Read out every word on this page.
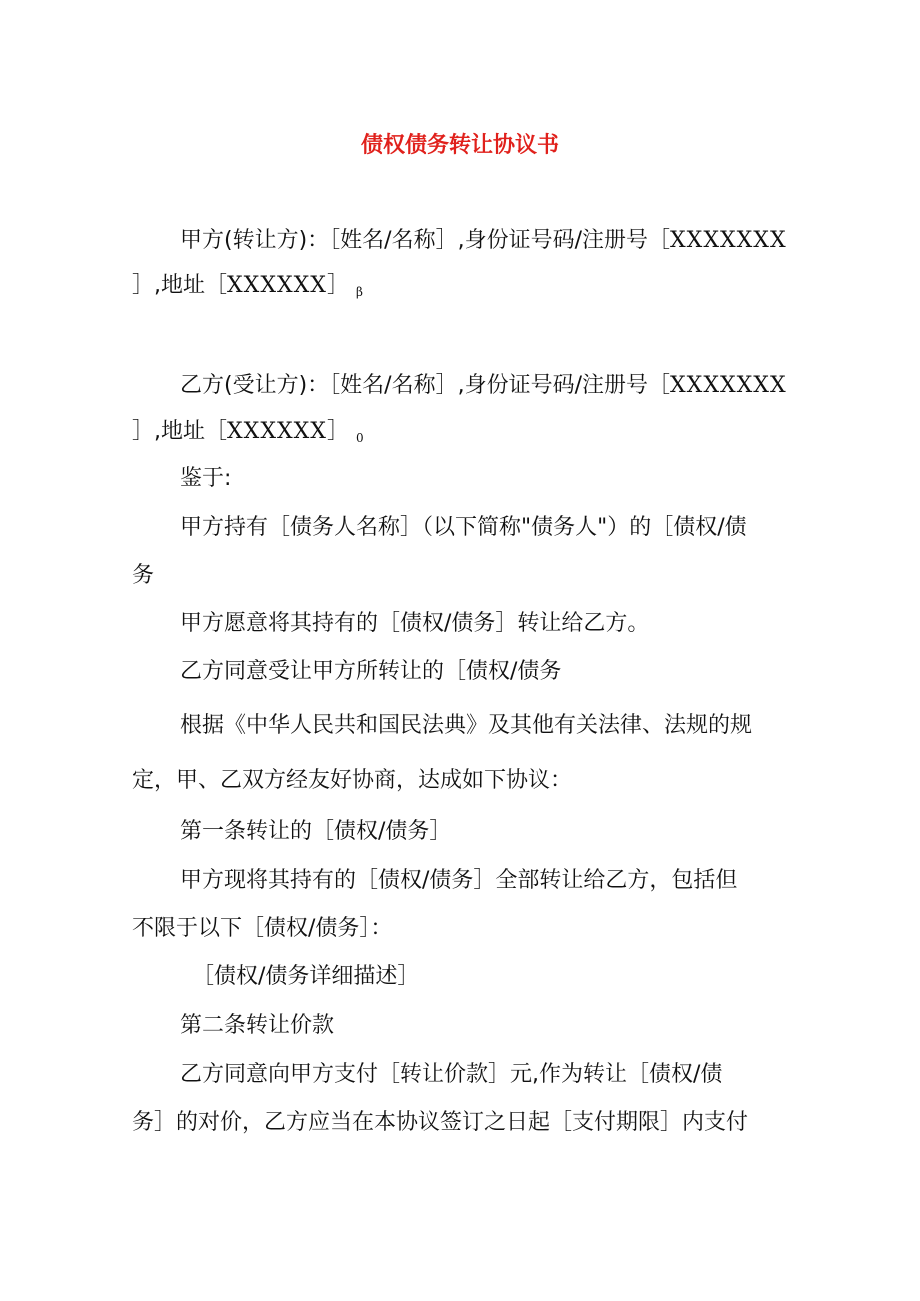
债权债务转让协议书
甲方(转让方)：［姓名/名称］,身份证号码/注册号［XXXXXXX
］,地址［XXXXXX］ β
乙方(受让方)：［姓名/名称］,身份证号码/注册号［XXXXXXX
］,地址［XXXXXX］ 0
鉴于:
甲方持有［债务人名称］（以下简称"债务人"）的［债权/债
务
甲方愿意将其持有的［债权/债务］转让给乙方。
乙方同意受让甲方所转让的［债权/债务
根据《中华人民共和国民法典》及其他有关法律、法规的规
定，甲、乙双方经友好协商，达成如下协议：
第一条转让的［债权/债务］
甲方现将其持有的［债权/债务］全部转让给乙方，包括但
不限于以下［债权/债务］：
［债权/债务详细描述］
第二条转让价款
乙方同意向甲方支付［转让价款］元,作为转让［债权/债
务］的对价，乙方应当在本协议签订之日起［支付期限］内支付
